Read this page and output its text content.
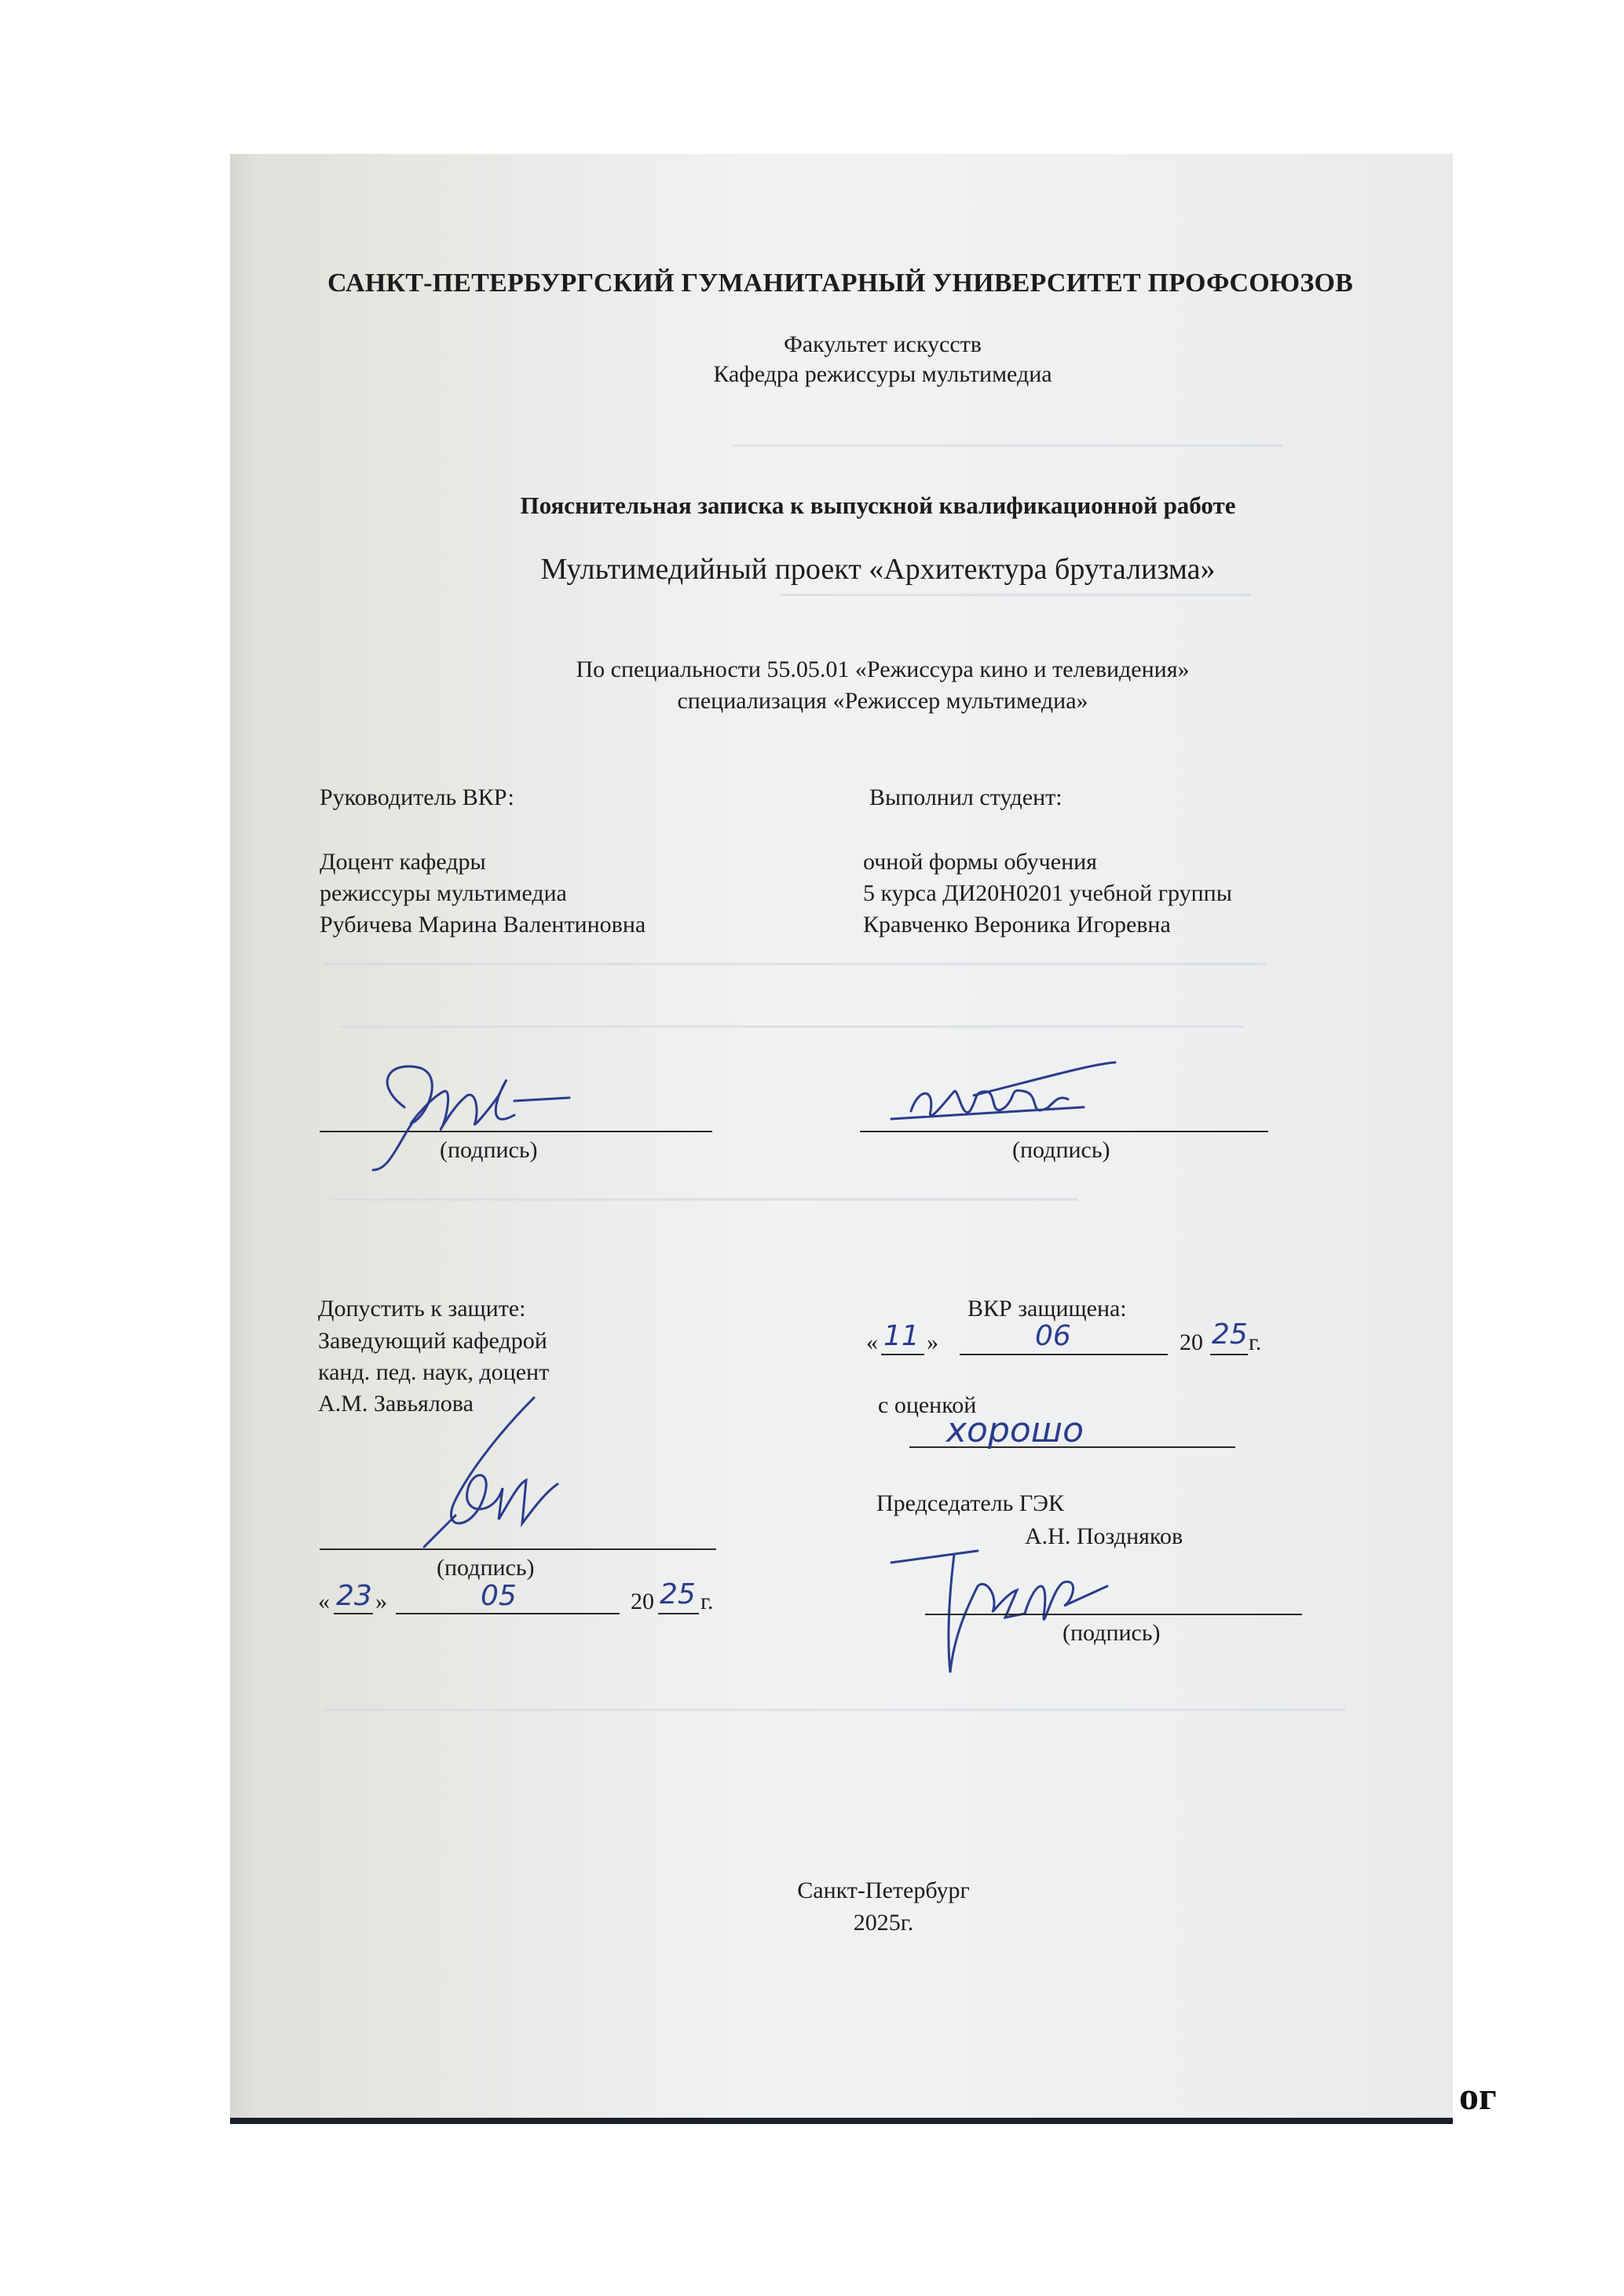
САНКТ-ПЕТЕРБУРГСКИЙ ГУМАНИТАРНЫЙ УНИВЕРСИТЕТ ПРОФСОЮЗОВ
Факультет искусств
Кафедра режиссуры мультимедиа
Пояснительная записка к выпускной квалификационной работе
Мультимедийный проект «Архитектура брутализма»
По специальности 55.05.01 «Режиссура кино и телевидения»
специализация «Режиссер мультимедиа»
Руководитель ВКР:
Доцент кафедры
режиссуры мультимедиа
Рубичева Марина Валентиновна
Выполнил студент:
очной формы обучения
5 курса ДИ20Н0201 учебной группы
Кравченко Вероника Игоревна
(подпись)	(подпись)
Допустить к защите:
Заведующий кафедрой
канд. пед. наук, доцент
А.М. Завьялова
(подпись)
« 23 »	05	20 25 г.
ВКР защищена:
« 11 »	06	20 25 г.
с оценкой
хорошо
Председатель ГЭК
А.Н. Поздняков
(подпись)
Санкт-Петербург
2025г.
ог
